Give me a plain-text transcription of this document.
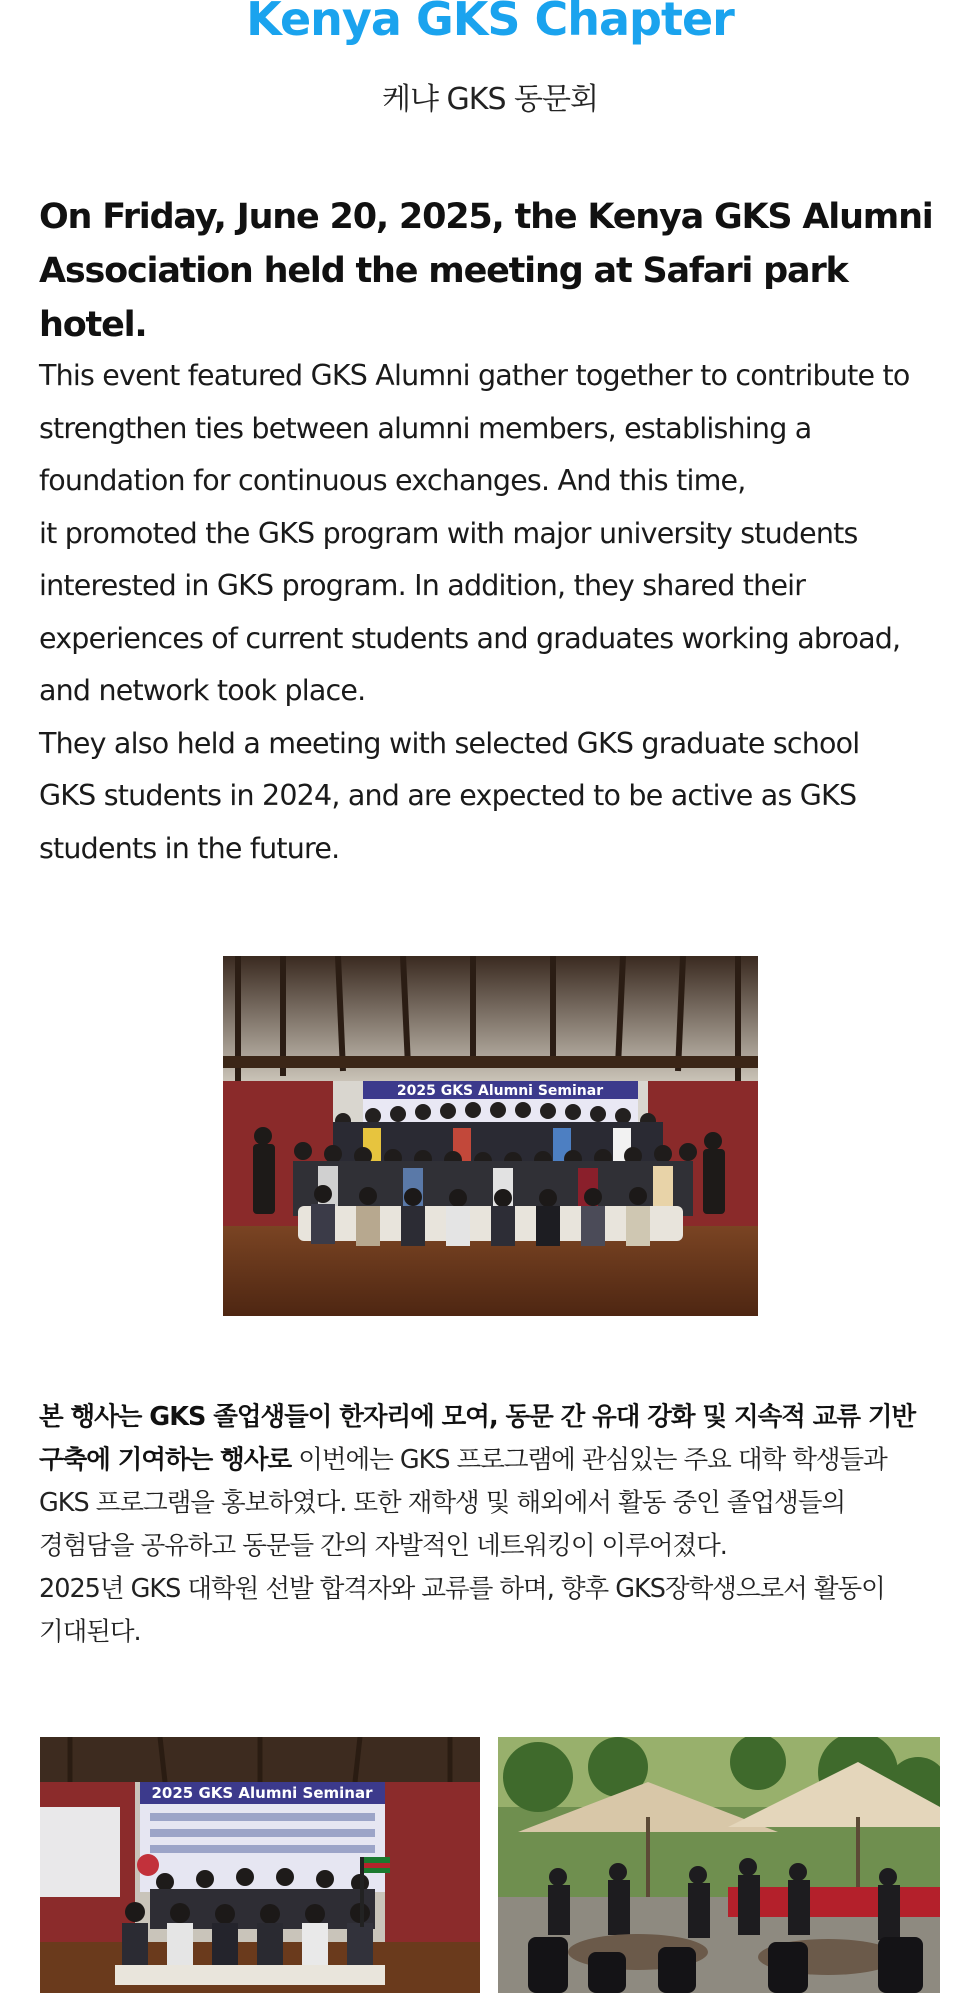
Kenya GKS Chapter
케냐 GKS 동문회

On Friday, June 20, 2025, the Kenya GKS Alumni

Association held the meeting at Safari park hotel.

This event featured GKS Alumni gather together to contribute to

strengthen ties between alumni members, establishing a

foundation for continuous exchanges. And this time,

it promoted the GKS program with major university students

interested in GKS program. In addition, they shared their

experiences of current students and graduates working abroad,

and network took place.

They also held a meeting with selected GKS graduate school

GKS students in 2024, and are expected to be active as GKS

students in the future.

2025 GKS Alumni Seminar

본 행사는 GKS 졸업생들이 한자리에 모여, 동문 간 유대 강화 및 지속적 교류 기반

구축에 기여하는 행사로 이번에는 GKS 프로그램에 관심있는 주요 대학 학생들과

GKS 프로그램을 홍보하였다. 또한 재학생 및 해외에서 활동 중인 졸업생들의

경험담을 공유하고 동문들 간의 자발적인 네트워킹이 이루어졌다.

2025년 GKS 대학원 선발 합격자와 교류를 하며, 향후 GKS장학생으로서 활동이

기대된다.

2025 GKS Alumni Seminar
